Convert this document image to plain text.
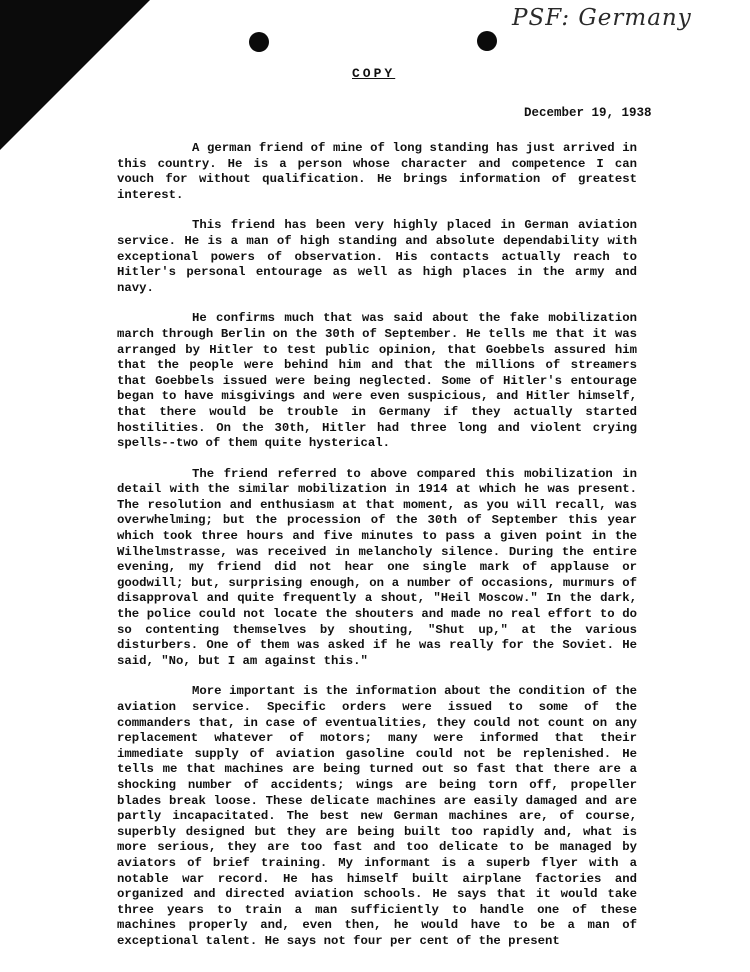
PSF: Germany
COPY
December 19, 1938

A german friend of mine of long standing has just arrived in this country. He is a person whose character and competence I can vouch for without qualification. He brings information of greatest interest.

This friend has been very highly placed in German aviation service. He is a man of high standing and absolute dependability with exceptional powers of observation. His contacts actually reach to Hitler's personal entourage as well as high places in the army and navy.

He confirms much that was said about the fake mobilization march through Berlin on the 30th of September. He tells me that it was arranged by Hitler to test public opinion, that Goebbels assured him that the people were behind him and that the millions of streamers that Goebbels issued were being neglected. Some of Hitler's entourage began to have misgivings and were even suspicious, and Hitler himself, that there would be trouble in Germany if they actually started hostilities. On the 30th, Hitler had three long and violent crying spells--two of them quite hysterical.

The friend referred to above compared this mobilization in detail with the similar mobilization in 1914 at which he was present. The resolution and enthusiasm at that moment, as you will recall, was overwhelming; but the procession of the 30th of September this year which took three hours and five minutes to pass a given point in the Wilhelmstrasse, was received in melancholy silence. During the entire evening, my friend did not hear one single mark of applause or goodwill; but, surprising enough, on a number of occasions, murmurs of disapproval and quite frequently a shout, "Heil Moscow." In the dark, the police could not locate the shouters and made no real effort to do so contenting themselves by shouting, "Shut up," at the various disturbers. One of them was asked if he was really for the Soviet. He said, "No, but I am against this."

More important is the information about the condition of the aviation service. Specific orders were issued to some of the commanders that, in case of eventualities, they could not count on any replacement whatever of motors; many were informed that their immediate supply of aviation gasoline could not be replenished. He tells me that machines are being turned out so fast that there are a shocking number of accidents; wings are being torn off, propeller blades break loose. These delicate machines are easily damaged and are partly incapacitated. The best new German machines are, of course, superbly designed but they are being built too rapidly and, what is more serious, they are too fast and too delicate to be managed by aviators of brief training. My informant is a superb flyer with a notable war record. He has himself built airplane factories and organized and directed aviation schools. He says that it would take three years to train a man sufficiently to handle one of these machines properly and, even then, he would have to be a man of exceptional talent. He says not four per cent of the present
